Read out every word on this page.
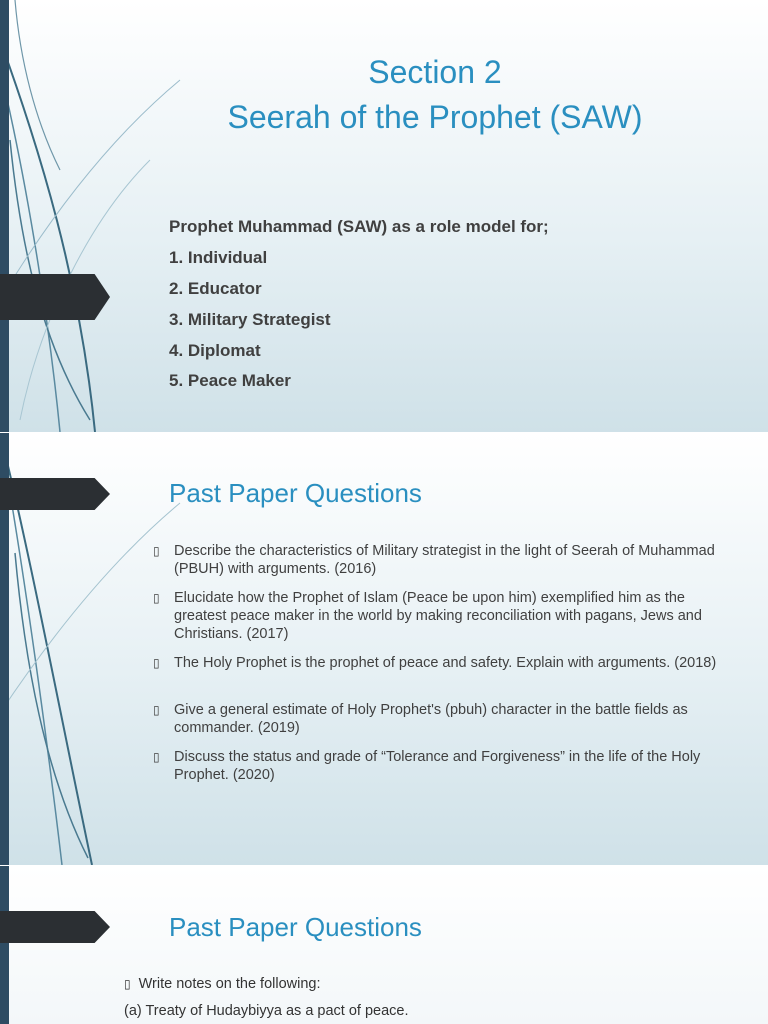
Section 2
Seerah of the Prophet (SAW)
Prophet Muhammad (SAW) as a role model for;
1. Individual
2. Educator
3. Military Strategist
4. Diplomat
5. Peace Maker
Past Paper Questions
▯ Describe the characteristics of Military strategist in the light of Seerah of Muhammad (PBUH) with arguments. (2016)
▯ Elucidate how the Prophet of Islam (Peace be upon him) exemplified him as the greatest peace maker in the world by making reconciliation with pagans, Jews and Christians. (2017)
▯ The Holy Prophet is the prophet of peace and safety. Explain with arguments. (2018)
▯ Give a general estimate of Holy Prophet's (pbuh) character in the battle fields as commander. (2019)
▯ Discuss the status and grade of “Tolerance and Forgiveness” in the life of the Holy Prophet. (2020)
Past Paper Questions
▯ Write notes on the following:
(a) Treaty of Hudaybiyya as a pact of peace.
